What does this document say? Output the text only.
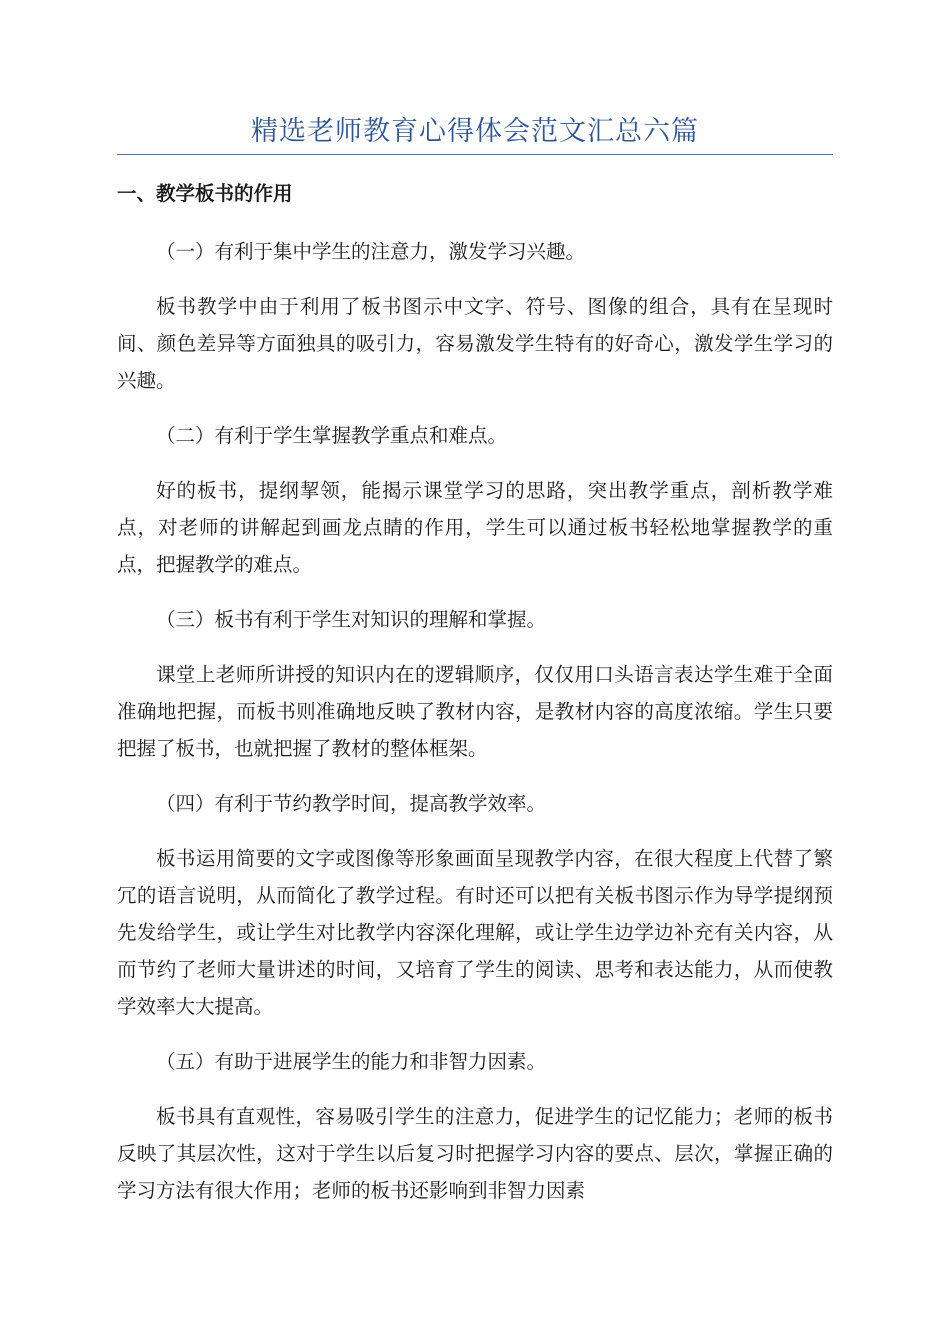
精选老师教育心得体会范文汇总六篇
一、教学板书的作用

（一）有利于集中学生的注意力，激发学习兴趣。

板书教学中由于利用了板书图示中文字、符号、图像的组合，具有在呈现时间、颜色差异等方面独具的吸引力，容易激发学生特有的好奇心，激发学生学习的兴趣。

（二）有利于学生掌握教学重点和难点。

好的板书，提纲挈领，能揭示课堂学习的思路，突出教学重点，剖析教学难点，对老师的讲解起到画龙点睛的作用，学生可以通过板书轻松地掌握教学的重点，把握教学的难点。

（三）板书有利于学生对知识的理解和掌握。

课堂上老师所讲授的知识内在的逻辑顺序，仅仅用口头语言表达学生难于全面准确地把握，而板书则准确地反映了教材内容，是教材内容的高度浓缩。学生只要把握了板书，也就把握了教材的整体框架。

（四）有利于节约教学时间，提高教学效率。

板书运用简要的文字或图像等形象画面呈现教学内容，在很大程度上代替了繁冗的语言说明，从而简化了教学过程。有时还可以把有关板书图示作为导学提纲预先发给学生，或让学生对比教学内容深化理解，或让学生边学边补充有关内容，从而节约了老师大量讲述的时间，又培育了学生的阅读、思考和表达能力，从而使教学效率大大提高。

（五）有助于进展学生的能力和非智力因素。

板书具有直观性，容易吸引学生的注意力，促进学生的记忆能力；老师的板书反映了其层次性，这对于学生以后复习时把握学习内容的要点、层次，掌握正确的学习方法有很大作用；老师的板书还影响到非智力因素
